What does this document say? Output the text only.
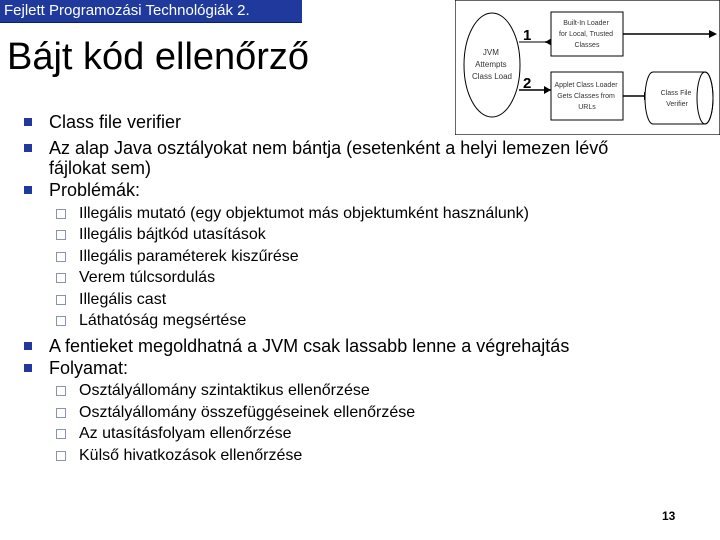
Fejlett Programozási Technológiák 2.
Bájt kód ellenőrző	JVM Attempts Class Load
1
Built-In Loader for Local, Trusted Classes
2	Applet Class Loader Gets Classes from URLs
Class File Verifier
Class file verifier
Az alap Java osztályokat nem bántja (esetenként a helyi lemezen lévő
fájlokat sem)
Problémák:
Illegális mutató (egy objektumot más objektumként használunk)
Illegális bájtkód utasítások
Illegális paraméterek kiszűrése
Verem túlcsordulás
Illegális cast
Láthatóság megsértése
A fentieket megoldhatná a JVM csak lassabb lenne a végrehajtás
Folyamat:
Osztályállomány szintaktikus ellenőrzése
Osztályállomány összefüggéseinek ellenőrzése
Az utasításfolyam ellenőrzése
Külső hivatkozások ellenőrzése
13
